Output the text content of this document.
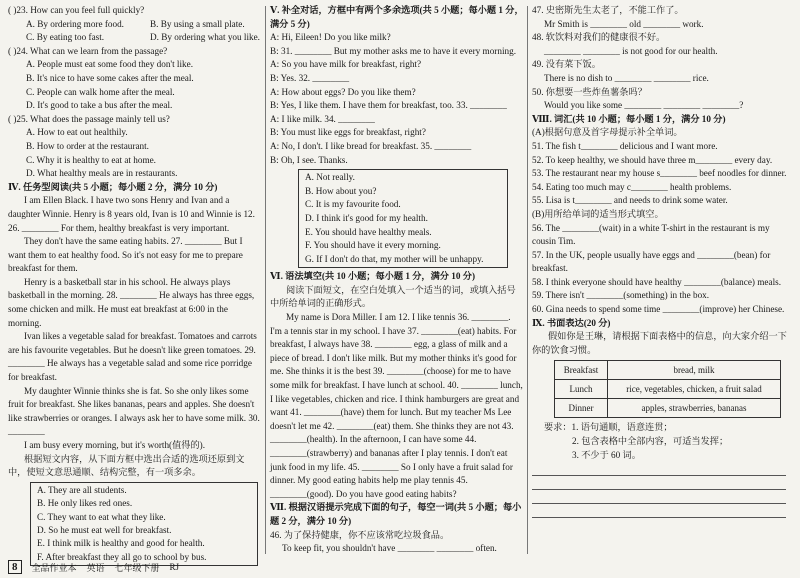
( )23. How can you feel full quickly?
A. By ordering more food.	B. By using a small plate.
C. By eating too fast.	D. By ordering what you like.
( )24. What can we learn from the passage?
A. People must eat some food they don't like.
B. It's nice to have some cakes after the meal.
C. People can walk home after the meal.
D. It's good to take a bus after the meal.
( )25. What does the passage mainly tell us?
A. How to eat out healthily.
B. How to order at the restaurant.
C. Why it is healthy to eat at home.
D. What healthy meals are in restaurants.
Ⅳ. 任务型阅读(共 5 小题；每小题 2 分，满分 10 分)
I am Ellen Black. I have two sons Henry and Ivan and a daughter Winnie. Henry is 8 years old, Ivan is 10 and Winnie is 12. 26. ________ For them, healthy breakfast is very important.
They don't have the same eating habits. 27. ________ But I want them to eat healthy food. So it's not easy for me to prepare breakfast for them.
Henry is a basketball star in his school. He always plays basketball in the morning. 28. ________ He always has three eggs, some chicken and milk. He must eat breakfast at 6:00 in the morning.
Ivan likes a vegetable salad for breakfast. Tomatoes and carrots are his favourite vegetables. But he doesn't like green tomatoes. 29. ________ He always has a vegetable salad and some rice porridge for breakfast.
My daughter Winnie thinks she is fat. So she only likes some fruit for breakfast. She likes bananas, pears and apples. She doesn't like strawberries or oranges. I always ask her to have some milk. 30. ________
I am busy every morning, but it's worth(值得的).
根据短文内容，从下面方框中选出合适的选项还原到文中，使短文意思通顺、结构完整，有一项多余。
A. They are all students.
B. He only likes red ones.
C. They want to eat what they like.
D. So he must eat well for breakfast.
E. I think milk is healthy and good for health.
F. After breakfast they all go to school by bus.
Ⅴ. 补全对话，方框中有两个多余选项(共 5 小题；每小题 1 分，满分 5 分)
A: Hi, Eileen! Do you like milk?
B: 31. ________ But my mother asks me to have it every morning.
A: So you have milk for breakfast, right?
B: Yes. 32. ________
A: How about eggs? Do you like them?
B: Yes, I like them. I have them for breakfast, too. 33. ________
A: I like milk. 34. ________
B: You must like eggs for breakfast, right?
A: No, I don't. I like bread for breakfast. 35. ________
B: Oh, I see. Thanks.
A. Not really.
B. How about you?
C. It is my favourite food.
D. I think it's good for my health.
E. You should have healthy meals.
F. You should have it every morning.
G. If I don't do that, my mother will be unhappy.
Ⅵ. 语法填空(共 10 小题；每小题 1 分，满分 10 分)
阅读下面短文，在空白处填入一个适当的词，或填入括号中所给单词的正确形式。
My name is Dora Miller. I am 12. I like tennis 36. ________. I'm a tennis star in my school. I have 37. ________(eat) habits. For breakfast, I always have 38. ________ egg, a glass of milk and a piece of bread. I don't like milk. But my mother thinks it's good for me. She thinks it is the best 39. ________(choose) for me to have some milk for breakfast. I have lunch at school. 40. ________ lunch, I like vegetables, chicken and rice. I think hamburgers are great and want 41. ________(have) them for lunch. But my teacher Ms Lee doesn't let me 42. ________(eat) them. She thinks they are not 43. ________(health). In the afternoon, I can have some 44. ________(strawberry) and bananas after I play tennis. I don't eat junk food in my life. 45. ________ So I only have a fruit salad for dinner. My good eating habits help me play tennis 45. ________(good). Do you have good eating habits?
Ⅶ. 根据汉语提示完成下面的句子，每空一词(共 5 小题；每小题 2 分，满分 10 分)
46. 为了保持健康，你不应该常吃垃圾食品。
To keep fit, you shouldn't have ________ ________ often.
47. 史密斯先生太老了，不能工作了。
Mr Smith is ________ old ________ work.
48. 软饮料对我们的健康很不好。
________ ________ is not good for our health.
49. 没有菜下饭。
There is no dish to ________ ________ rice.
50. 你想要一些炸鱼薯条吗？
Would you like some ________ ________ ________?
Ⅷ. 词汇(共 10 小题；每小题 1 分，满分 10 分)
(A)根据句意及首字母提示补全单词。
51. The fish t________ delicious and I want more.
52. To keep healthy, we should have three m________ every day.
53. The restaurant near my house s________ beef noodles for dinner.
54. Eating too much may c________ health problems.
55. Lisa is t________ and needs to drink some water.
(B)用所给单词的适当形式填空。
56. The ________(wait) in a white T-shirt in the restaurant is my cousin Tim.
57. In the UK, people usually have eggs and ________(bean) for breakfast.
58. I think everyone should have healthy ________(balance) meals.
59. There isn't ________(something) in the box.
60. Gina needs to spend some time ________(improve) her Chinese.
Ⅸ. 书面表达(20 分)
假如你是王琳，请根据下面表格中的信息，向大家介绍一下你的饮食习惯。
Breakfast	bread, milk
Lunch	rice, vegetables, chicken, a fruit salad
Dinner	apples, strawberries, bananas
要求：1. 语句通顺，语意连贯；
2. 包含表格中全部内容，可适当发挥；
3. 不少于 60 词。
8	全品作业本 英语 七年级下册 RJ
